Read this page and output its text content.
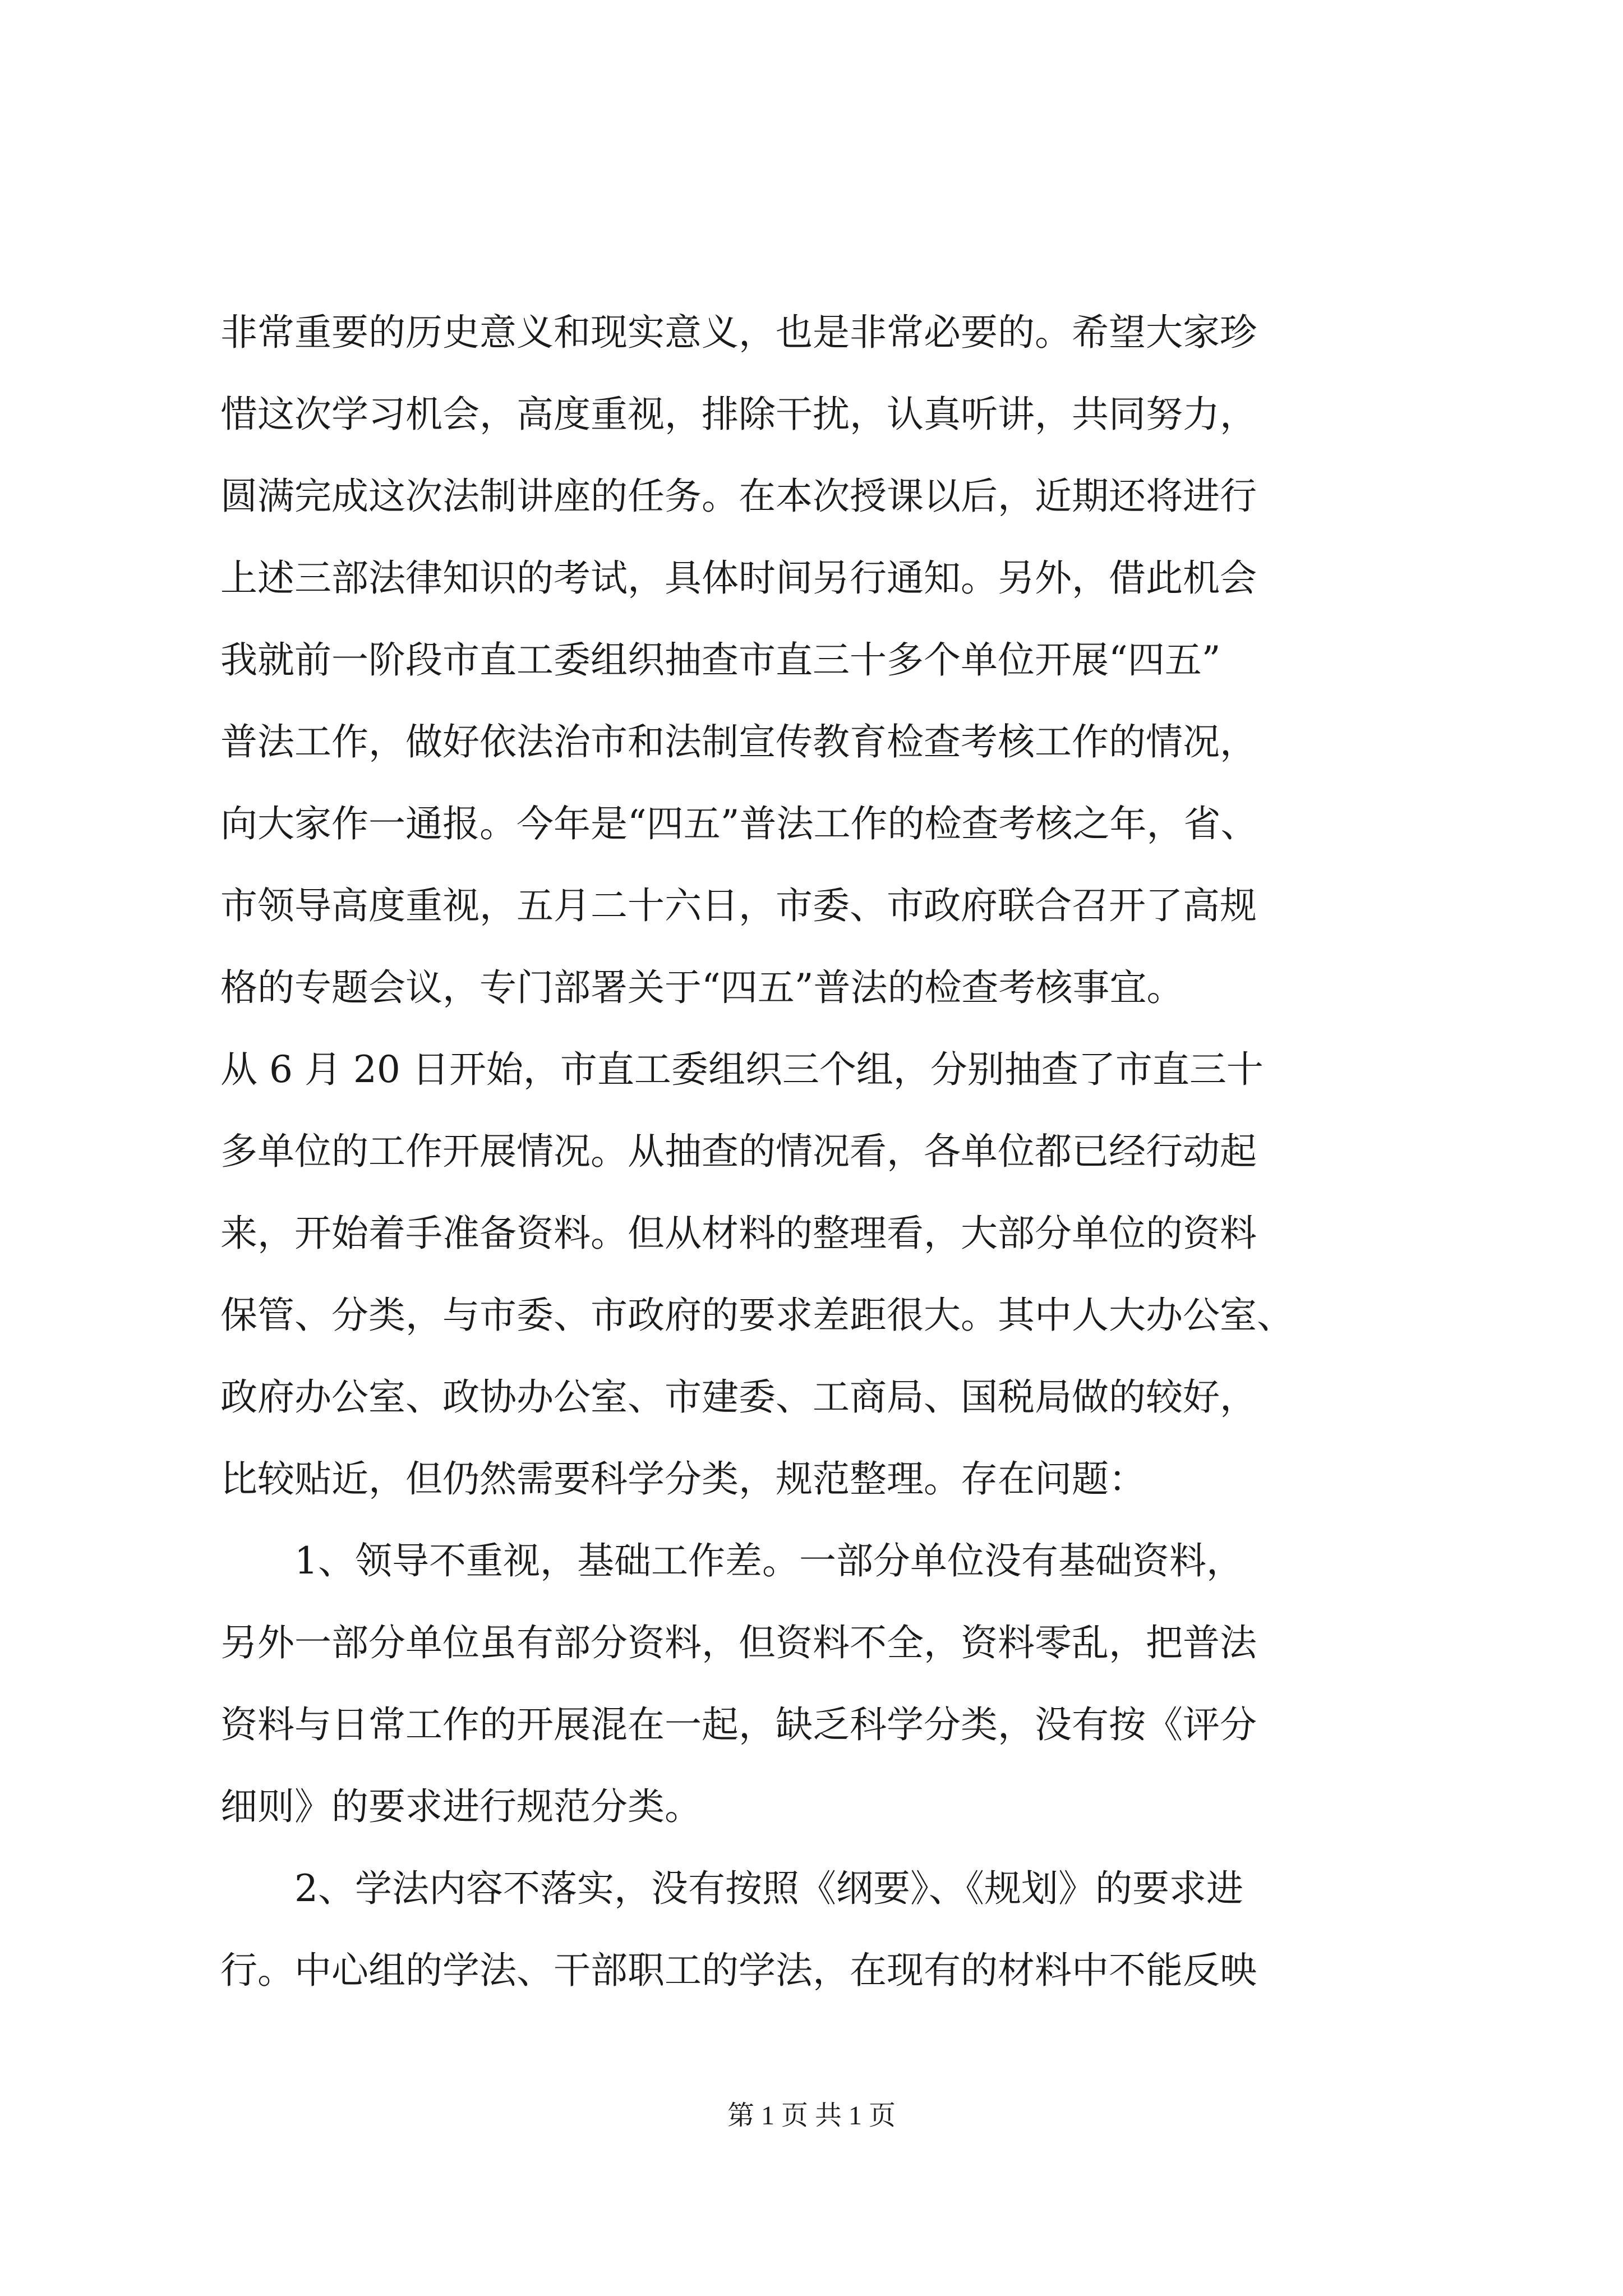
非常重要的历史意义和现实意义，也是非常必要的。希望大家珍
惜这次学习机会，高度重视，排除干扰，认真听讲，共同努力，
圆满完成这次法制讲座的任务。在本次授课以后，近期还将进行
上述三部法律知识的考试，具体时间另行通知。另外，借此机会
我就前一阶段市直工委组织抽查市直三十多个单位开展“四五”
普法工作，做好依法治市和法制宣传教育检查考核工作的情况，
向大家作一通报。今年是“四五”普法工作的检查考核之年，省、
市领导高度重视，五月二十六日，市委、市政府联合召开了高规
格的专题会议，专门部署关于“四五”普法的检查考核事宜。
从 6 月 20 日开始，市直工委组织三个组，分别抽查了市直三十
多单位的工作开展情况。从抽查的情况看，各单位都已经行动起
来，开始着手准备资料。但从材料的整理看，大部分单位的资料
保管、分类，与市委、市政府的要求差距很大。其中人大办公室、
政府办公室、政协办公室、市建委、工商局、国税局做的较好，
比较贴近，但仍然需要科学分类，规范整理。存在问题：
1、领导不重视，基础工作差。一部分单位没有基础资料，
另外一部分单位虽有部分资料，但资料不全，资料零乱，把普法
资料与日常工作的开展混在一起，缺乏科学分类，没有按《评分
细则》的要求进行规范分类。
2、学法内容不落实，没有按照《纲要》、《规划》的要求进
行。中心组的学法、干部职工的学法，在现有的材料中不能反映
第 1 页 共 1 页
